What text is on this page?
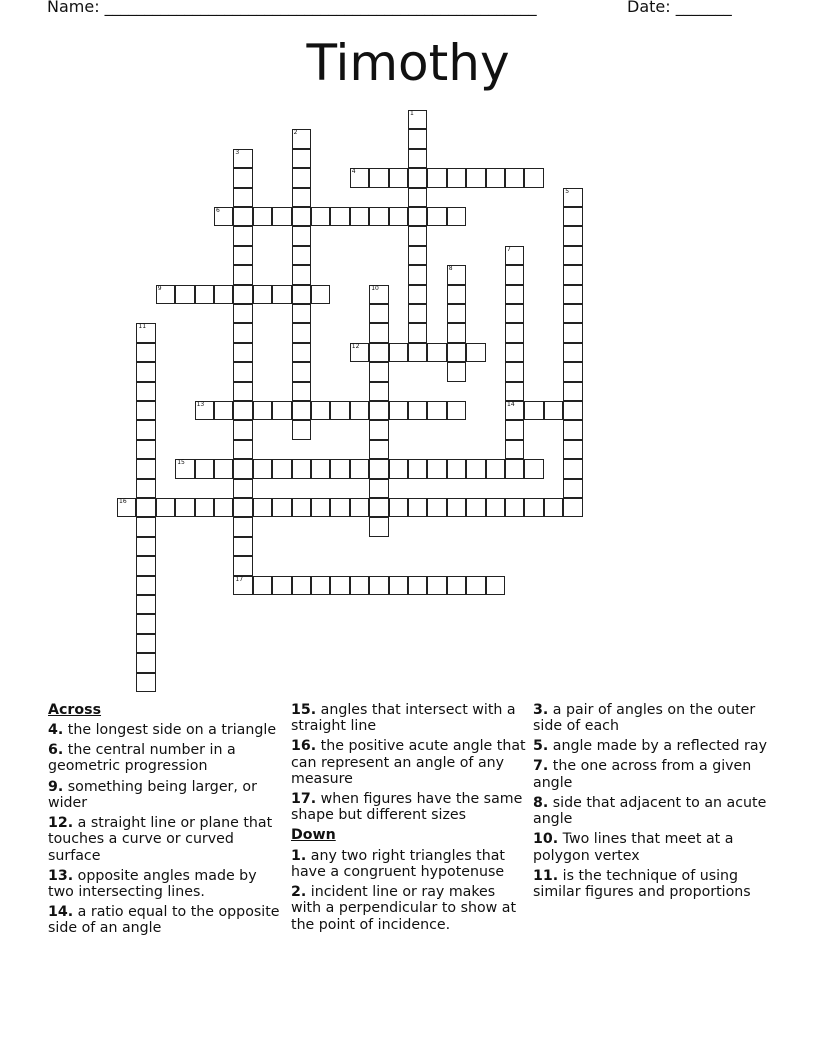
Name: ______________________________________________________	Date: _______
Timothy
1
2
3
17
4
5
6
7
14
8
9	10
11
12
13
15
16
Across
4. the longest side on a triangle
6. the central number in a geometric progression
9. something being larger, or wider
12. a straight line or plane that touches a curve or curved surface
13. opposite angles made by two intersecting lines.
14. a ratio equal to the opposite side of an angle
15. angles that intersect with a straight line
16. the positive acute angle that can represent an angle of any measure
17. when figures have the same shape but different sizes
Down
1. any two right triangles that have a congruent hypotenuse
2. incident line or ray makes with a perpendicular to show at the point of incidence.
3. a pair of angles on the outer side of each
5. angle made by a reflected ray
7. the one across from a given angle
8. side that adjacent to an acute angle
10. Two lines that meet at a polygon vertex
11. is the technique of using similar figures and proportions
